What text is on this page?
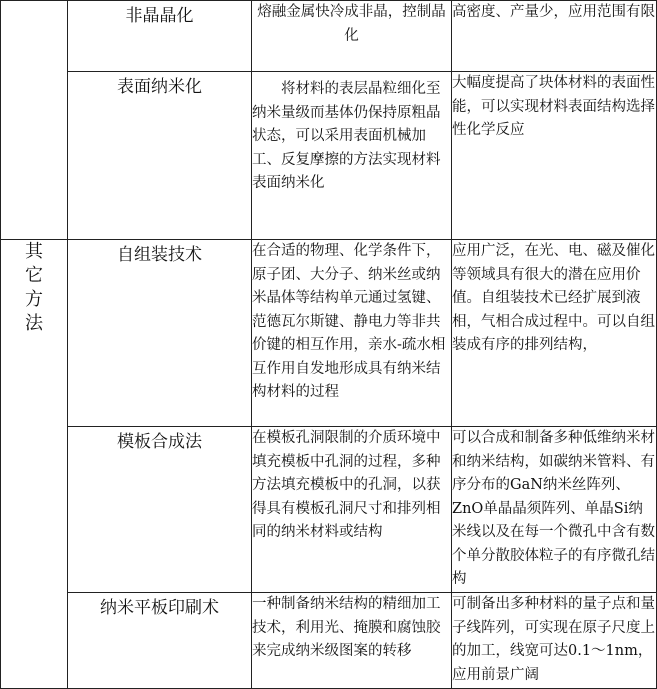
	非晶晶化	熔融金属快冷成非晶，控制晶化	高密度、产量少，应用范围有限
	表面纳米化	将材料的表层晶粒细化至纳米量级而基体仍保持原粗晶状态，可以采用表面机械加工、反复摩擦的方法实现材料表面纳米化	大幅度提高了块体材料的表面性能，可以实现材料表面结构选择性化学反应
其它方法	自组装技术	在合适的物理、化学条件下，原子团、大分子、纳米丝或纳米晶体等结构单元通过氢键、范德瓦尔斯键、静电力等非共价键的相互作用，亲水-疏水相互作用自发地形成具有纳米结构材料的过程	应用广泛，在光、电、磁及催化等领域具有很大的潜在应用价值。自组装技术已经扩展到液相，气相合成过程中。可以自组装成有序的排列结构，
	模板合成法	在模板孔洞限制的介质环境中填充模板中孔洞的过程，多种方法填充模板中的孔洞，以获得具有模板孔洞尺寸和排列相同的纳米材料或结构	可以合成和制备多种低维纳米材和纳米结构，如碳纳米管料、有序分布的GaN纳米丝阵列、ZnO单晶晶须阵列、单晶Si纳米线以及在每一个微孔中含有数个单分散胶体粒子的有序微孔结构
	纳米平板印刷术	一种制备纳米结构的精细加工技术，利用光、掩膜和腐蚀胶来完成纳米级图案的转移	可制备出多种材料的量子点和量子线阵列，可实现在原子尺度上的加工，线宽可达0.1～1nm，应用前景广阔
